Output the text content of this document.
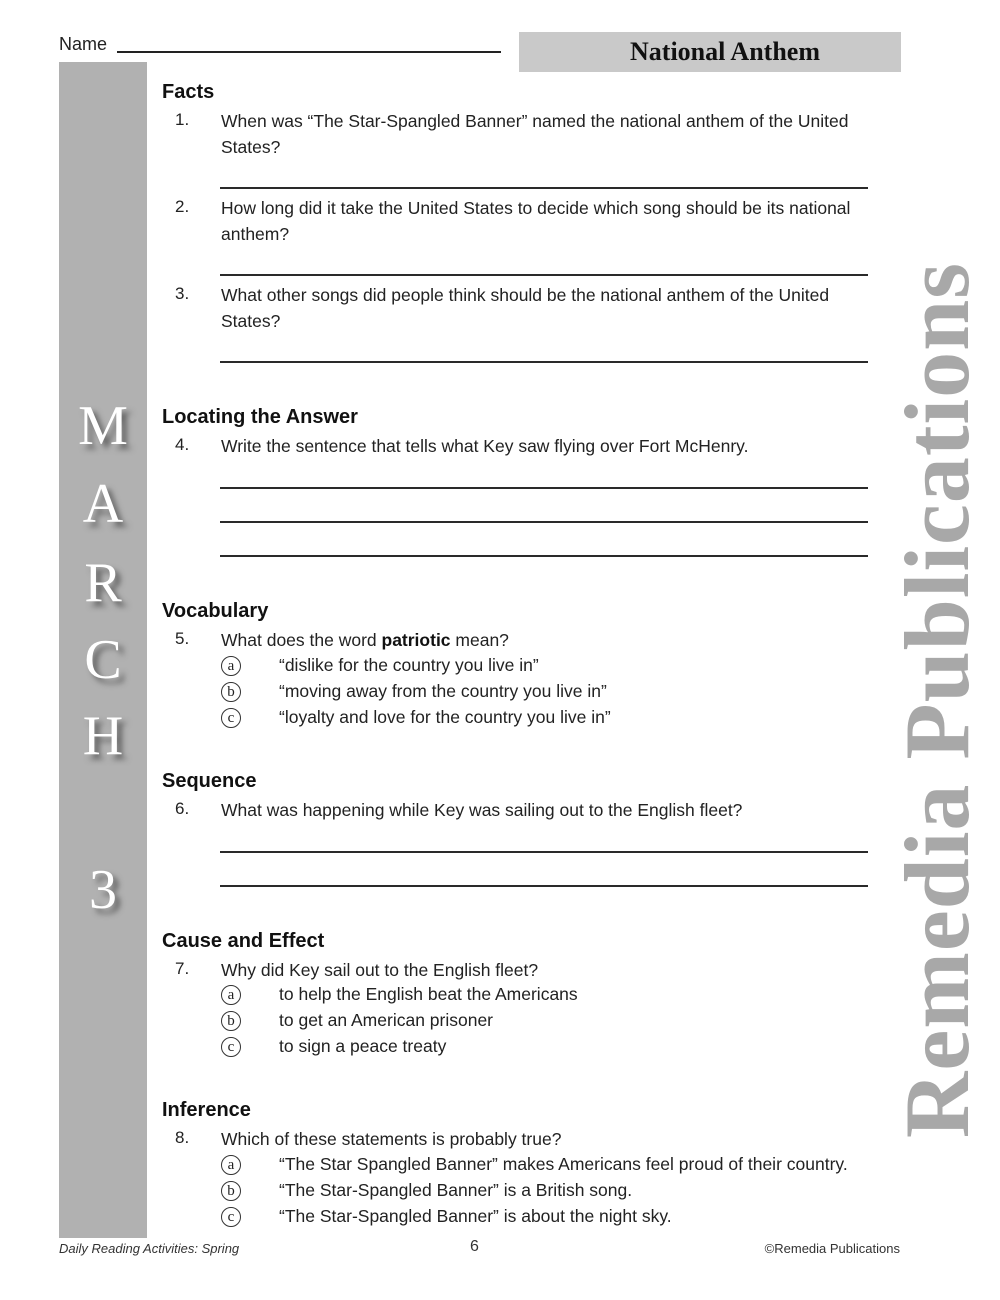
Name	National Anthem
M
A
R
C
H
3
Facts
1. When was “The Star-Spangled Banner” named the national anthem of the United States?
2. How long did it take the United States to decide which song should be its national anthem?
3. What other songs did people think should be the national anthem of the United States?
Locating the Answer
4. Write the sentence that tells what Key saw flying over Fort McHenry.
Vocabulary
5. What does the word patriotic mean?
a	“dislike for the country you live in”
b	“moving away from the country you live in”
c	“loyalty and love for the country you live in”
Sequence
6. What was happening while Key was sailing out to the English fleet?
Cause and Effect
7. Why did Key sail out to the English fleet?
a	to help the English beat the Americans
b	to get an American prisoner
c	to sign a peace treaty
Inference
8. Which of these statements is probably true?
a	“The Star Spangled Banner” makes Americans feel proud of their country.
b	“The Star-Spangled Banner” is a British song.
c	“The Star-Spangled Banner” is about the night sky.
Remedia Publications
Daily Reading Activities: Spring	6	©Remedia Publications
